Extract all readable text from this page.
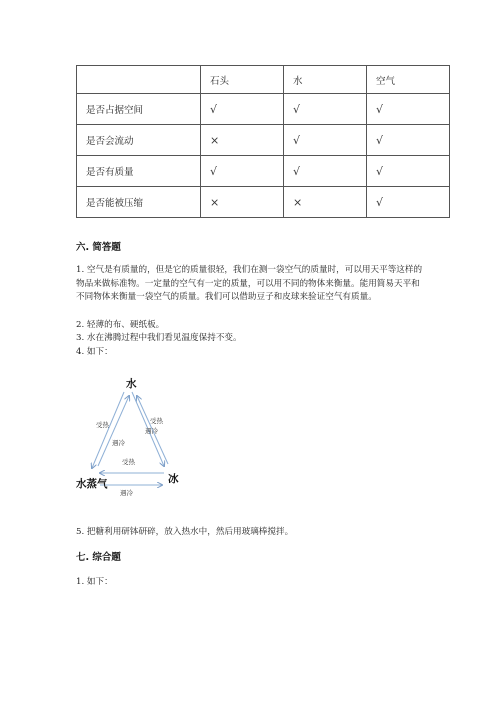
	石头	水	空气
是否占据空间	√	√	√
是否会流动	×	√	√
是否有质量	√	√	√
是否能被压缩	×	×	√
六. 简答题

1. 空气是有质量的，但是它的质量很轻，我们在测一袋空气的质量时，可以用天平等这样的物品来做标准物。一定量的空气有一定的质量，可以用不同的物体来衡量。能用简易天平和不同物体来衡量一袋空气的质量。我们可以借助豆子和皮球来验证空气有质量。

2. 轻薄的布、硬纸板。
3. 水在沸腾过程中我们看见温度保持不变。
4. 如下：
水
水蒸气	冰
受热
遇冷
受热
遇冷
受热
遇冷
5. 把糖利用研钵研碎，放入热水中，然后用玻璃棒搅拌。
七. 综合题
1. 如下：
